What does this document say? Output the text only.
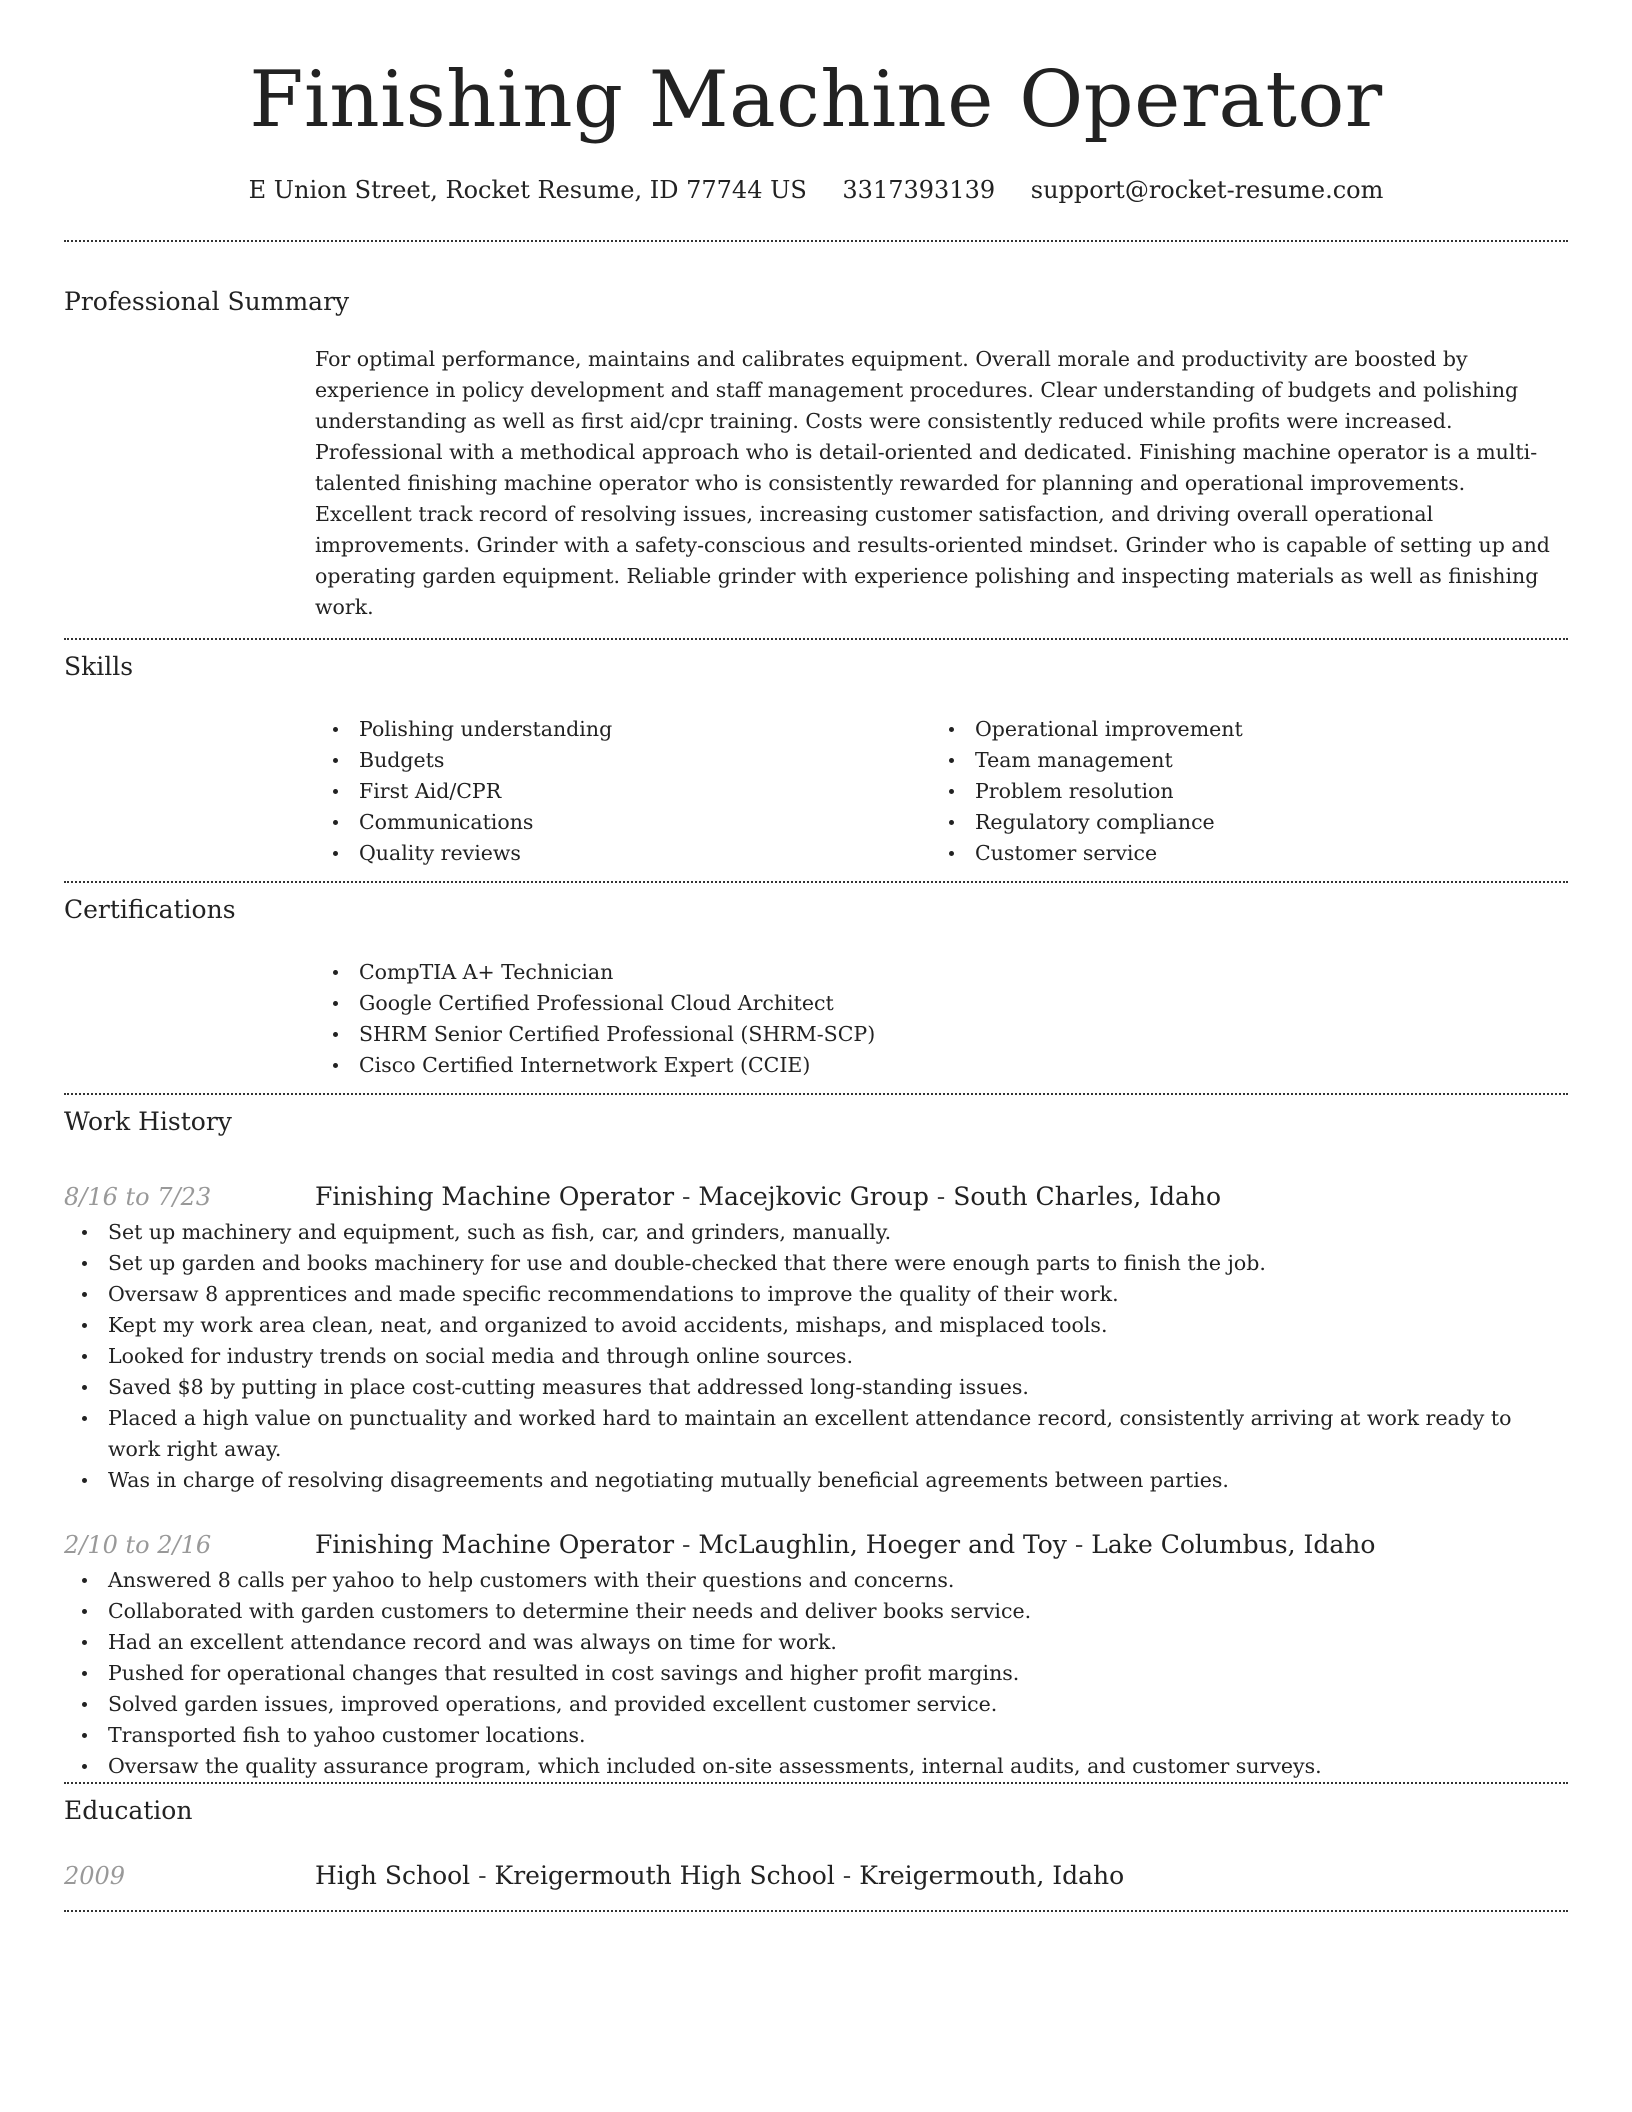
Finishing Machine Operator
E Union Street, Rocket Resume, ID 77744 US 3317393139 support@rocket-resume.com
Professional Summary

For optimal performance, maintains and calibrates equipment. Overall morale and productivity are boosted by experience in policy development and staff management procedures. Clear understanding of budgets and polishing understanding as well as first aid/cpr training. Costs were consistently reduced while profits were increased. Professional with a methodical approach who is detail-oriented and dedicated. Finishing machine operator is a multi-talented finishing machine operator who is consistently rewarded for planning and operational improvements. Excellent track record of resolving issues, increasing customer satisfaction, and driving overall operational improvements. Grinder with a safety-conscious and results-oriented mindset. Grinder who is capable of setting up and operating garden equipment. Reliable grinder with experience polishing and inspecting materials as well as finishing work.

Skills
Polishing understanding
Budgets
First Aid/CPR
Communications
Quality reviews
Operational improvement
Team management
Problem resolution
Regulatory compliance
Customer service
Certifications
CompTIA A+ Technician
Google Certified Professional Cloud Architect
SHRM Senior Certified Professional (SHRM-SCP)
Cisco Certified Internetwork Expert (CCIE)
Work History
8/16 to 7/23	Finishing Machine Operator - Macejkovic Group - South Charles, Idaho
Set up machinery and equipment, such as fish, car, and grinders, manually.
Set up garden and books machinery for use and double-checked that there were enough parts to finish the job.
Oversaw 8 apprentices and made specific recommendations to improve the quality of their work.
Kept my work area clean, neat, and organized to avoid accidents, mishaps, and misplaced tools.
Looked for industry trends on social media and through online sources.
Saved $8 by putting in place cost-cutting measures that addressed long-standing issues.
Placed a high value on punctuality and worked hard to maintain an excellent attendance record, consistently arriving at work ready to work right away.
Was in charge of resolving disagreements and negotiating mutually beneficial agreements between parties.
2/10 to 2/16	Finishing Machine Operator - McLaughlin, Hoeger and Toy - Lake Columbus, Idaho
Answered 8 calls per yahoo to help customers with their questions and concerns.
Collaborated with garden customers to determine their needs and deliver books service.
Had an excellent attendance record and was always on time for work.
Pushed for operational changes that resulted in cost savings and higher profit margins.
Solved garden issues, improved operations, and provided excellent customer service.
Transported fish to yahoo customer locations.
Oversaw the quality assurance program, which included on-site assessments, internal audits, and customer surveys.
Education
2009	High School - Kreigermouth High School - Kreigermouth, Idaho
